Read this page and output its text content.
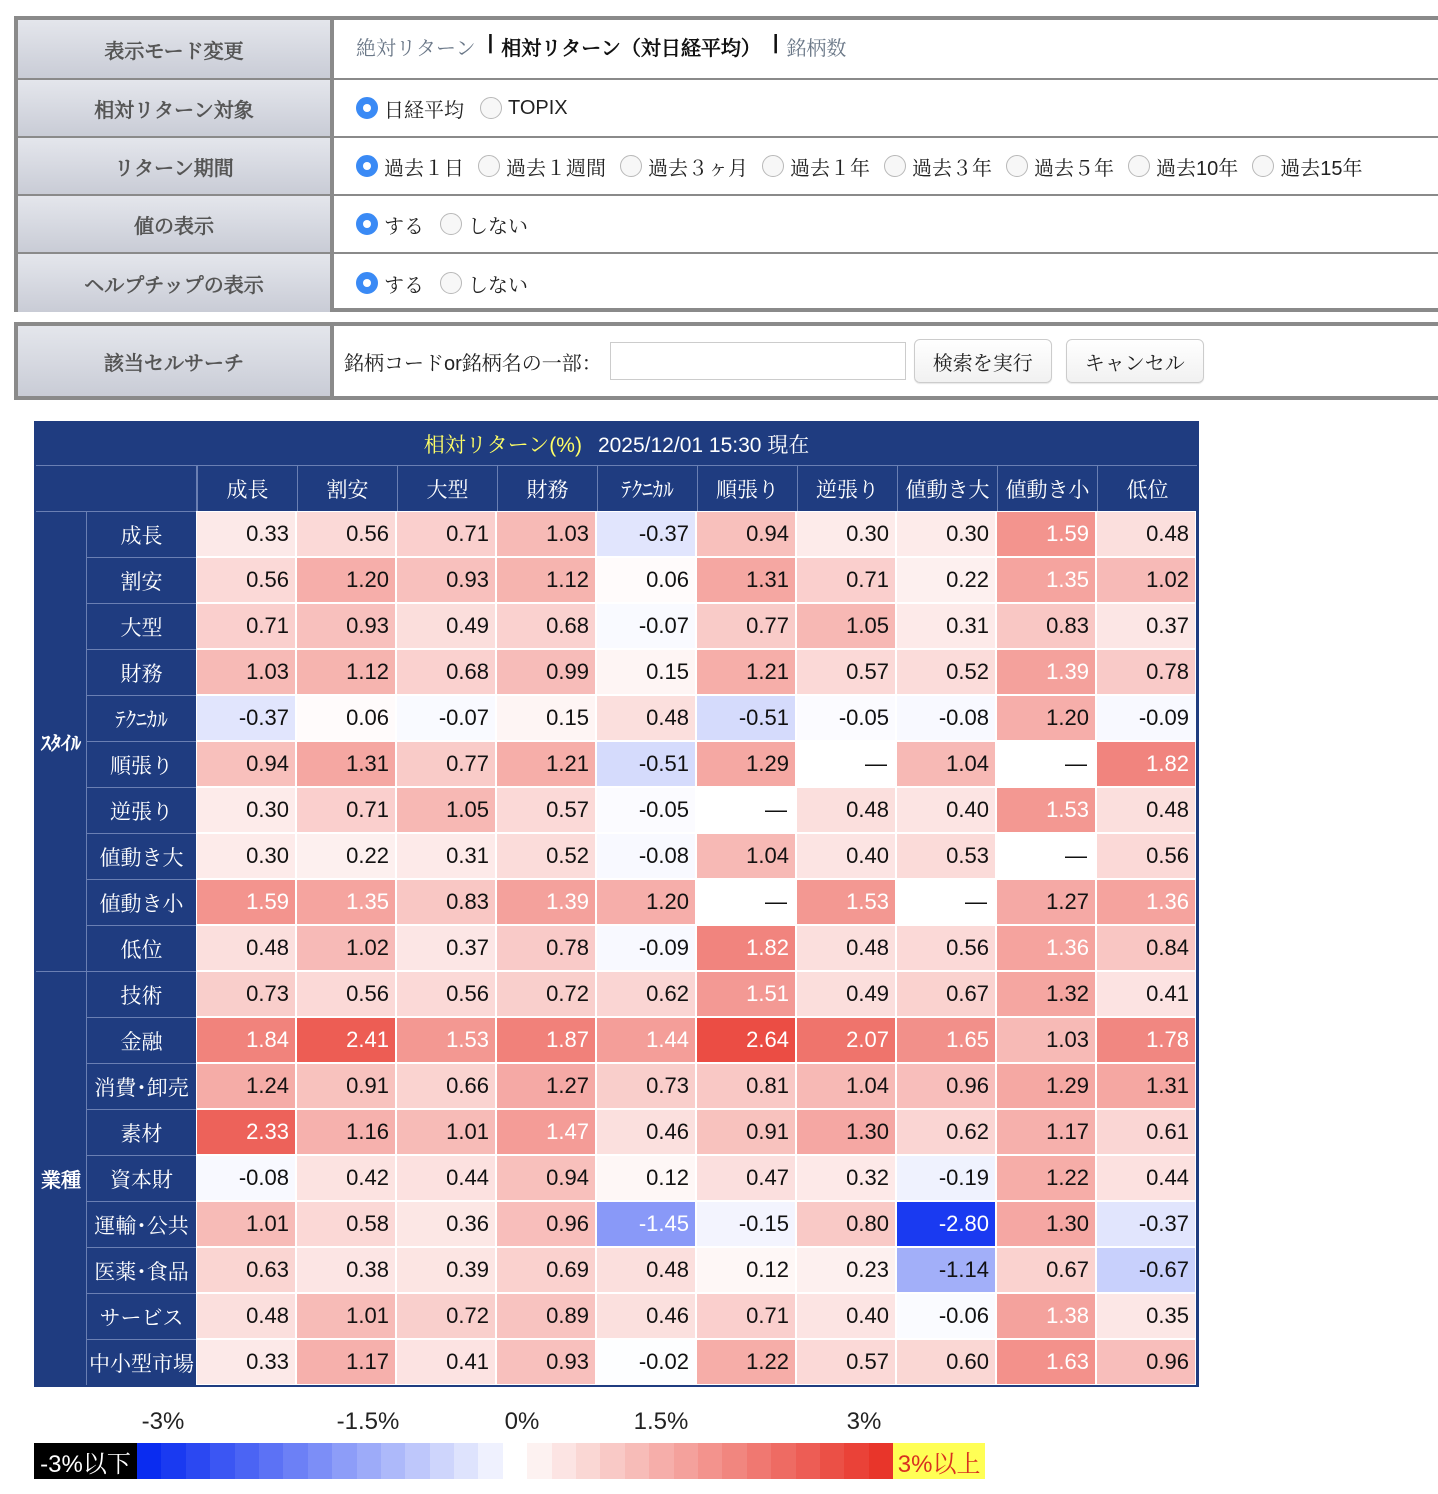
表示モード変更	絶対リターン | 相対リターン（対日経平均） | 銘柄数
相対リターン対象	日経平均 TOPIX
リターン期間	過去１日 過去１週間 過去３ヶ月 過去１年 過去３年 過去５年 過去10年 過去15年
値の表示	する しない
ヘルプチップの表示	する しない
該当セルサーチ	銘柄コードor銘柄名の一部：	検索を実行	キャンセル
相対リターン(%) 2025/12/01 15:30 現在
成長	割安	大型	財務	ﾃｸﾆｶﾙ	順張り	逆張り	値動き大 値動き小	低位
ｽﾀｲﾙ
業種
成長	0.33	0.56	0.71	1.03	-0.37	0.94	0.30	0.30	1.59	0.48
割安	0.56	1.20	0.93	1.12	0.06	1.31	0.71	0.22	1.35	1.02
大型	0.71	0.93	0.49	0.68	-0.07	0.77	1.05	0.31	0.83	0.37
財務	1.03	1.12	0.68	0.99	0.15	1.21	0.57	0.52	1.39	0.78
ﾃｸﾆｶﾙ	-0.37	0.06	-0.07	0.15	0.48	-0.51	-0.05	-0.08	1.20	-0.09
順張り	0.94	1.31	0.77	1.21	-0.51	1.29	—	1.04	—	1.82
逆張り	0.30	0.71	1.05	0.57	-0.05	—	0.48	0.40	1.53	0.48
値動き大	0.30	0.22	0.31	0.52	-0.08	1.04	0.40	0.53	—	0.56
値動き小	1.59	1.35	0.83	1.39	1.20	—	1.53	—	1.27	1.36
低位	0.48	1.02	0.37	0.78	-0.09	1.82	0.48	0.56	1.36	0.84
技術	0.73	0.56	0.56	0.72	0.62	1.51	0.49	0.67	1.32	0.41
金融	1.84	2.41	1.53	1.87	1.44	2.64	2.07	1.65	1.03	1.78
消費･卸売	1.24	0.91	0.66	1.27	0.73	0.81	1.04	0.96	1.29	1.31
素材	2.33	1.16	1.01	1.47	0.46	0.91	1.30	0.62	1.17	0.61
資本財	-0.08	0.42	0.44	0.94	0.12	0.47	0.32	-0.19	1.22	0.44
運輸･公共	1.01	0.58	0.36	0.96	-1.45	-0.15	0.80	-2.80	1.30	-0.37
医薬･食品	0.63	0.38	0.39	0.69	0.48	0.12	0.23	-1.14	0.67	-0.67
サービス	0.48	1.01	0.72	0.89	0.46	0.71	0.40	-0.06	1.38	0.35
中小型市場	0.33	1.17	0.41	0.93	-0.02	1.22	0.57	0.60	1.63	0.96
-3%	-1.5%	0%	1.5%	3%
-3%以下	3%以上
